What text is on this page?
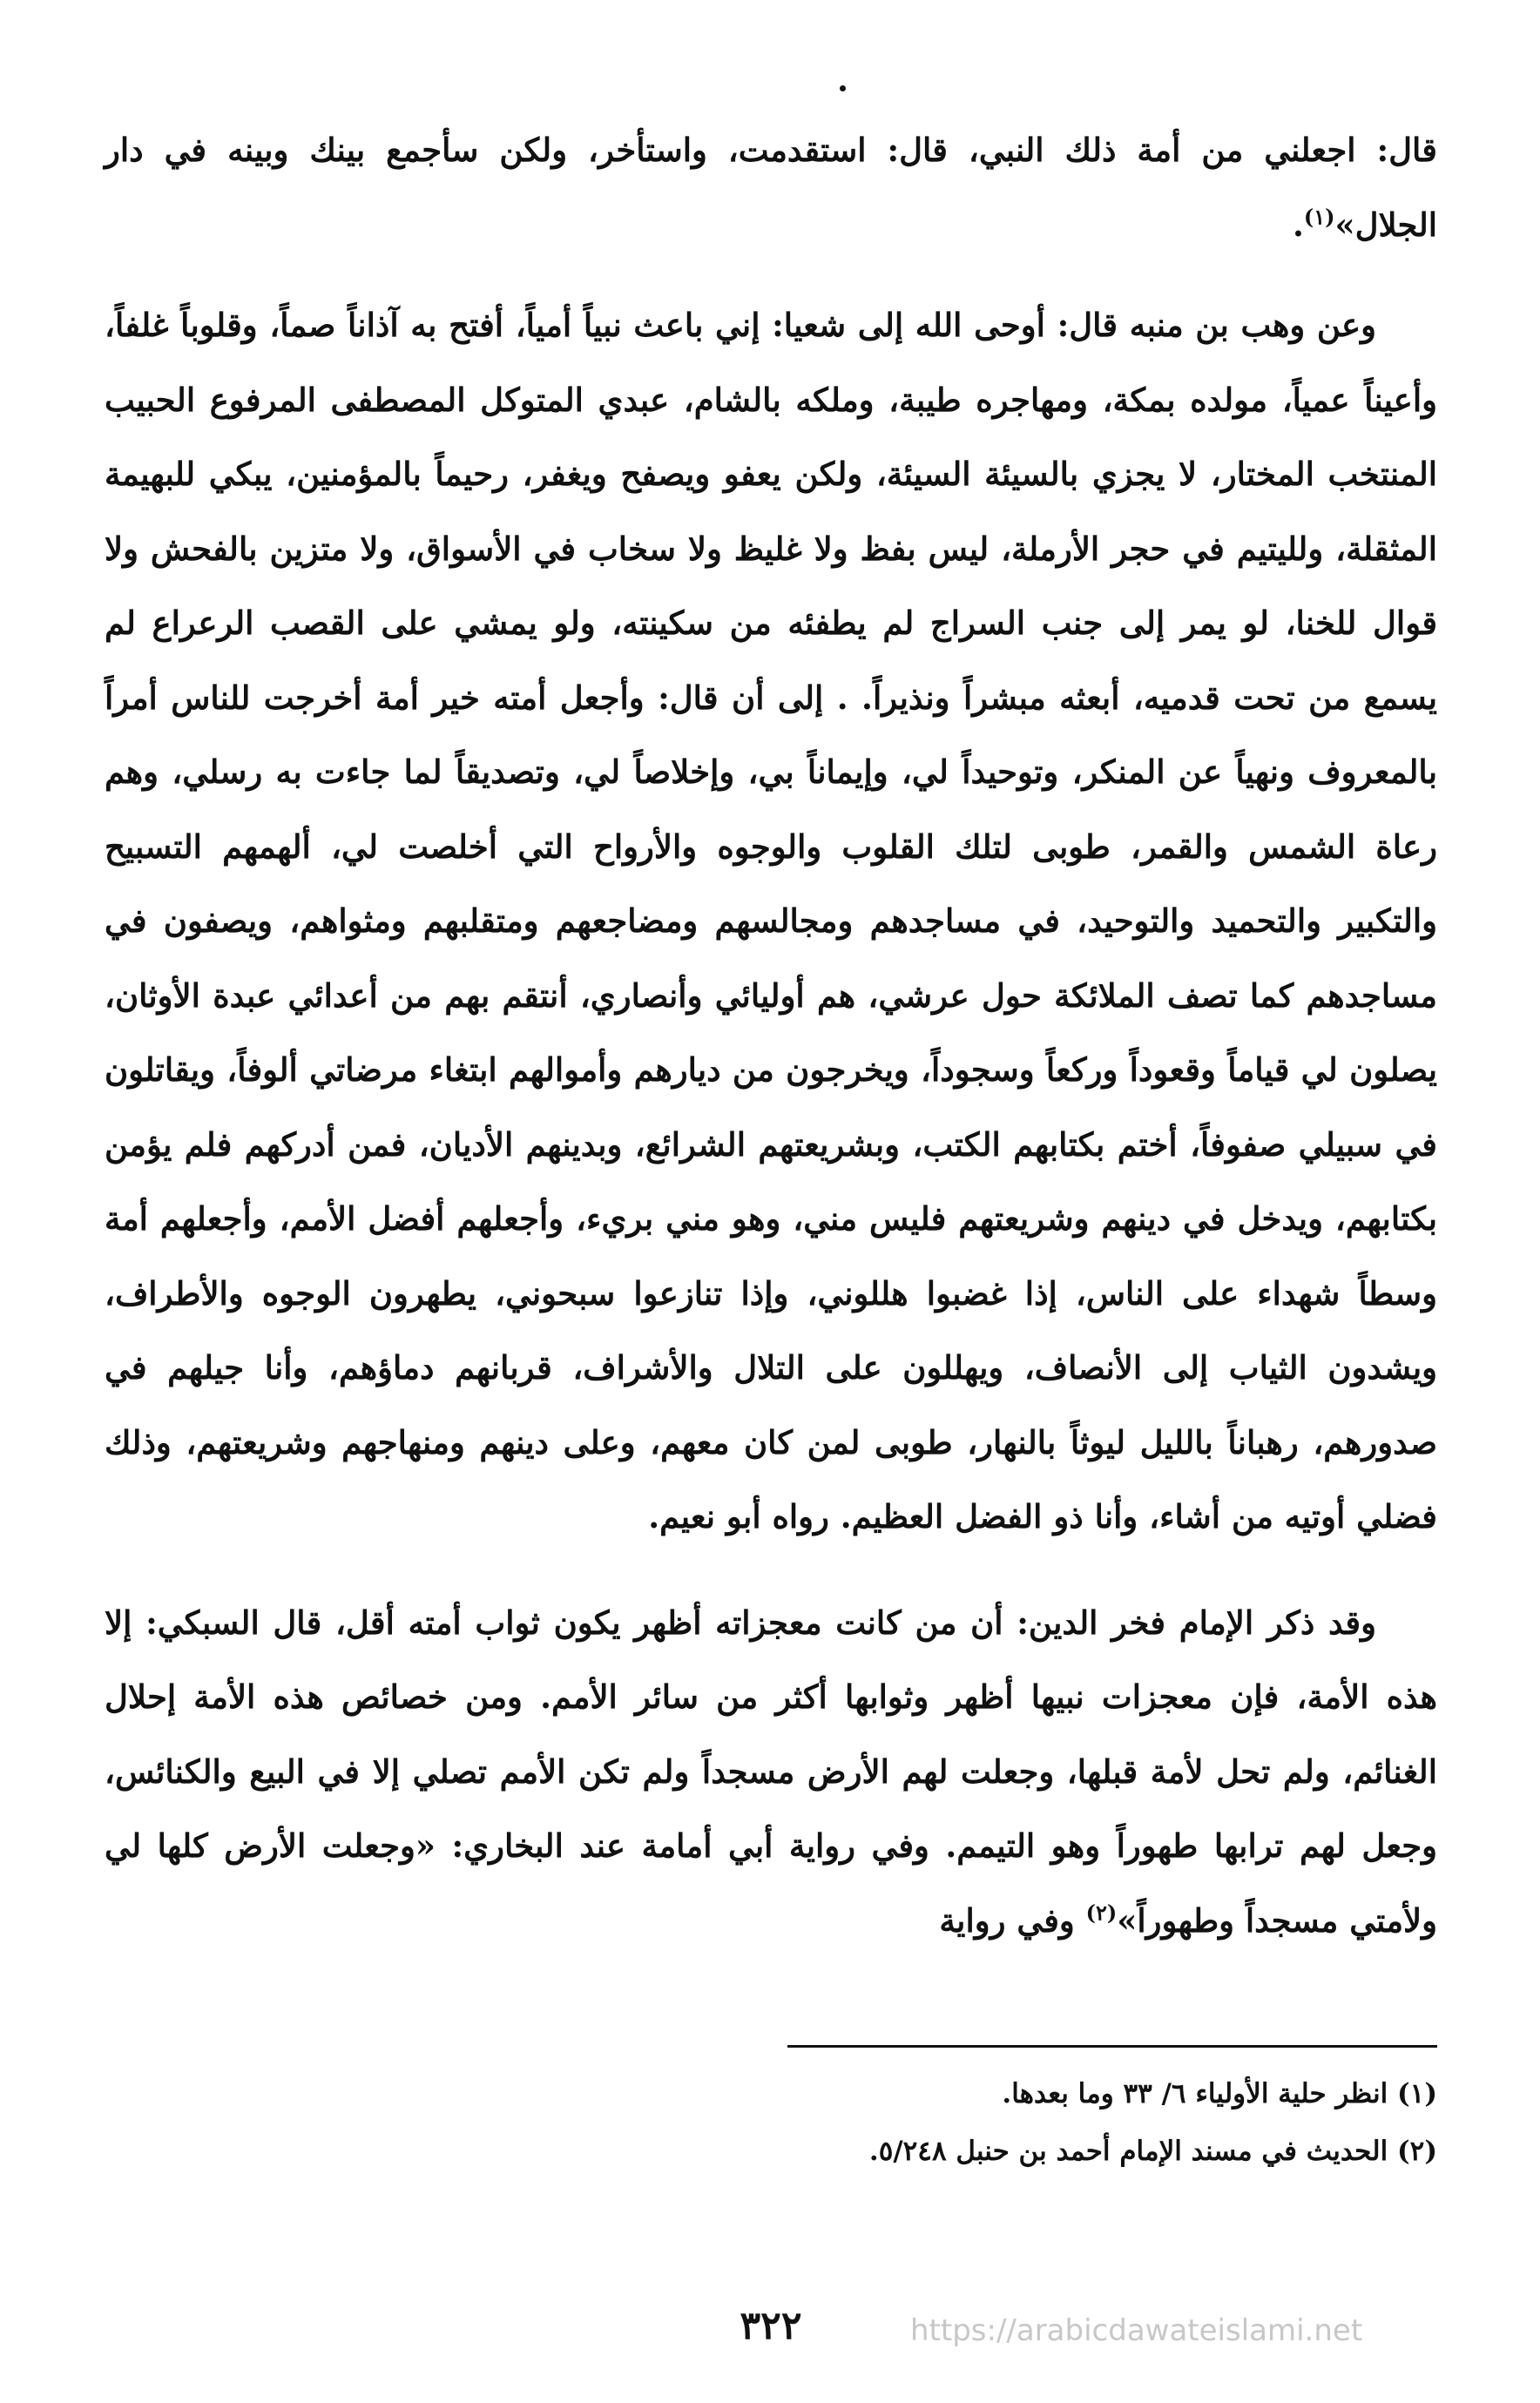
قال: اجعلني من أمة ذلك النبي، قال: استقدمت، واستأخر، ولكن سأجمع بينك وبينه في دار الجلال»$^{(١)}$.

وعن وهب بن منبه قال: أوحى الله إلى شعيا: إني باعث نبياً أمياً، أفتح به آذاناً صماً، وقلوباً غلفاً، وأعيناً عمياً، مولده بمكة، ومهاجره طيبة، وملكه بالشام، عبدي المتوكل المصطفى المرفوع الحبيب المنتخب المختار، لا يجزي بالسيئة السيئة، ولكن يعفو ويصفح ويغفر، رحيماً بالمؤمنين، يبكي للبهيمة المثقلة، ولليتيم في حجر الأرملة، ليس بفظ ولا غليظ ولا سخاب في الأسواق، ولا متزين بالفحش ولا قوال للخنا، لو يمر إلى جنب السراج لم يطفئه من سكينته، ولو يمشي على القصب الرعراع لم يسمع من تحت قدميه، أبعثه مبشراً ونذيراً. . إلى أن قال: وأجعل أمته خير أمة أخرجت للناس أمراً بالمعروف ونهياً عن المنكر، وتوحيداً لي، وإيماناً بي، وإخلاصاً لي، وتصديقاً لما جاءت به رسلي، وهم رعاة الشمس والقمر، طوبى لتلك القلوب والوجوه والأرواح التي أخلصت لي، ألهمهم التسبيح والتكبير والتحميد والتوحيد، في مساجدهم ومجالسهم ومضاجعهم ومتقلبهم ومثواهم، ويصفون في مساجدهم كما تصف الملائكة حول عرشي، هم أوليائي وأنصاري، أنتقم بهم من أعدائي عبدة الأوثان، يصلون لي قياماً وقعوداً وركعاً وسجوداً، ويخرجون من ديارهم وأموالهم ابتغاء مرضاتي ألوفاً، ويقاتلون في سبيلي صفوفاً، أختم بكتابهم الكتب، وبشريعتهم الشرائع، وبدينهم الأديان، فمن أدركهم فلم يؤمن بكتابهم، ويدخل في دينهم وشريعتهم فليس مني، وهو مني بريء، وأجعلهم أفضل الأمم، وأجعلهم أمة وسطاً شهداء على الناس، إذا غضبوا هللوني، وإذا تنازعوا سبحوني، يطهرون الوجوه والأطراف، ويشدون الثياب إلى الأنصاف، ويهللون على التلال والأشراف، قربانهم دماؤهم، وأنا جيلهم في صدورهم، رهباناً بالليل ليوثاً بالنهار، طوبى لمن كان معهم، وعلى دينهم ومنهاجهم وشريعتهم، وذلك فضلي أوتيه من أشاء، وأنا ذو الفضل العظيم. رواه أبو نعيم.

وقد ذكر الإمام فخر الدين: أن من كانت معجزاته أظهر يكون ثواب أمته أقل، قال السبكي: إلا هذه الأمة، فإن معجزات نبيها أظهر وثوابها أكثر من سائر الأمم. ومن خصائص هذه الأمة إحلال الغنائم، ولم تحل لأمة قبلها، وجعلت لهم الأرض مسجداً ولم تكن الأمم تصلي إلا في البيع والكنائس، وجعل لهم ترابها طهوراً وهو التيمم. وفي رواية أبي أمامة عند البخاري: «وجعلت الأرض كلها لي ولأمتي مسجداً وطهوراً»$^{(٢)}$ وفي رواية

(١) انظر حلية الأولياء ٦/ ٣٣ وما بعدها.

(٢) الحديث في مسند الإمام أحمد بن حنبل ٥/٢٤٨.

٣٢٢	https://arabicdawateislami.net
